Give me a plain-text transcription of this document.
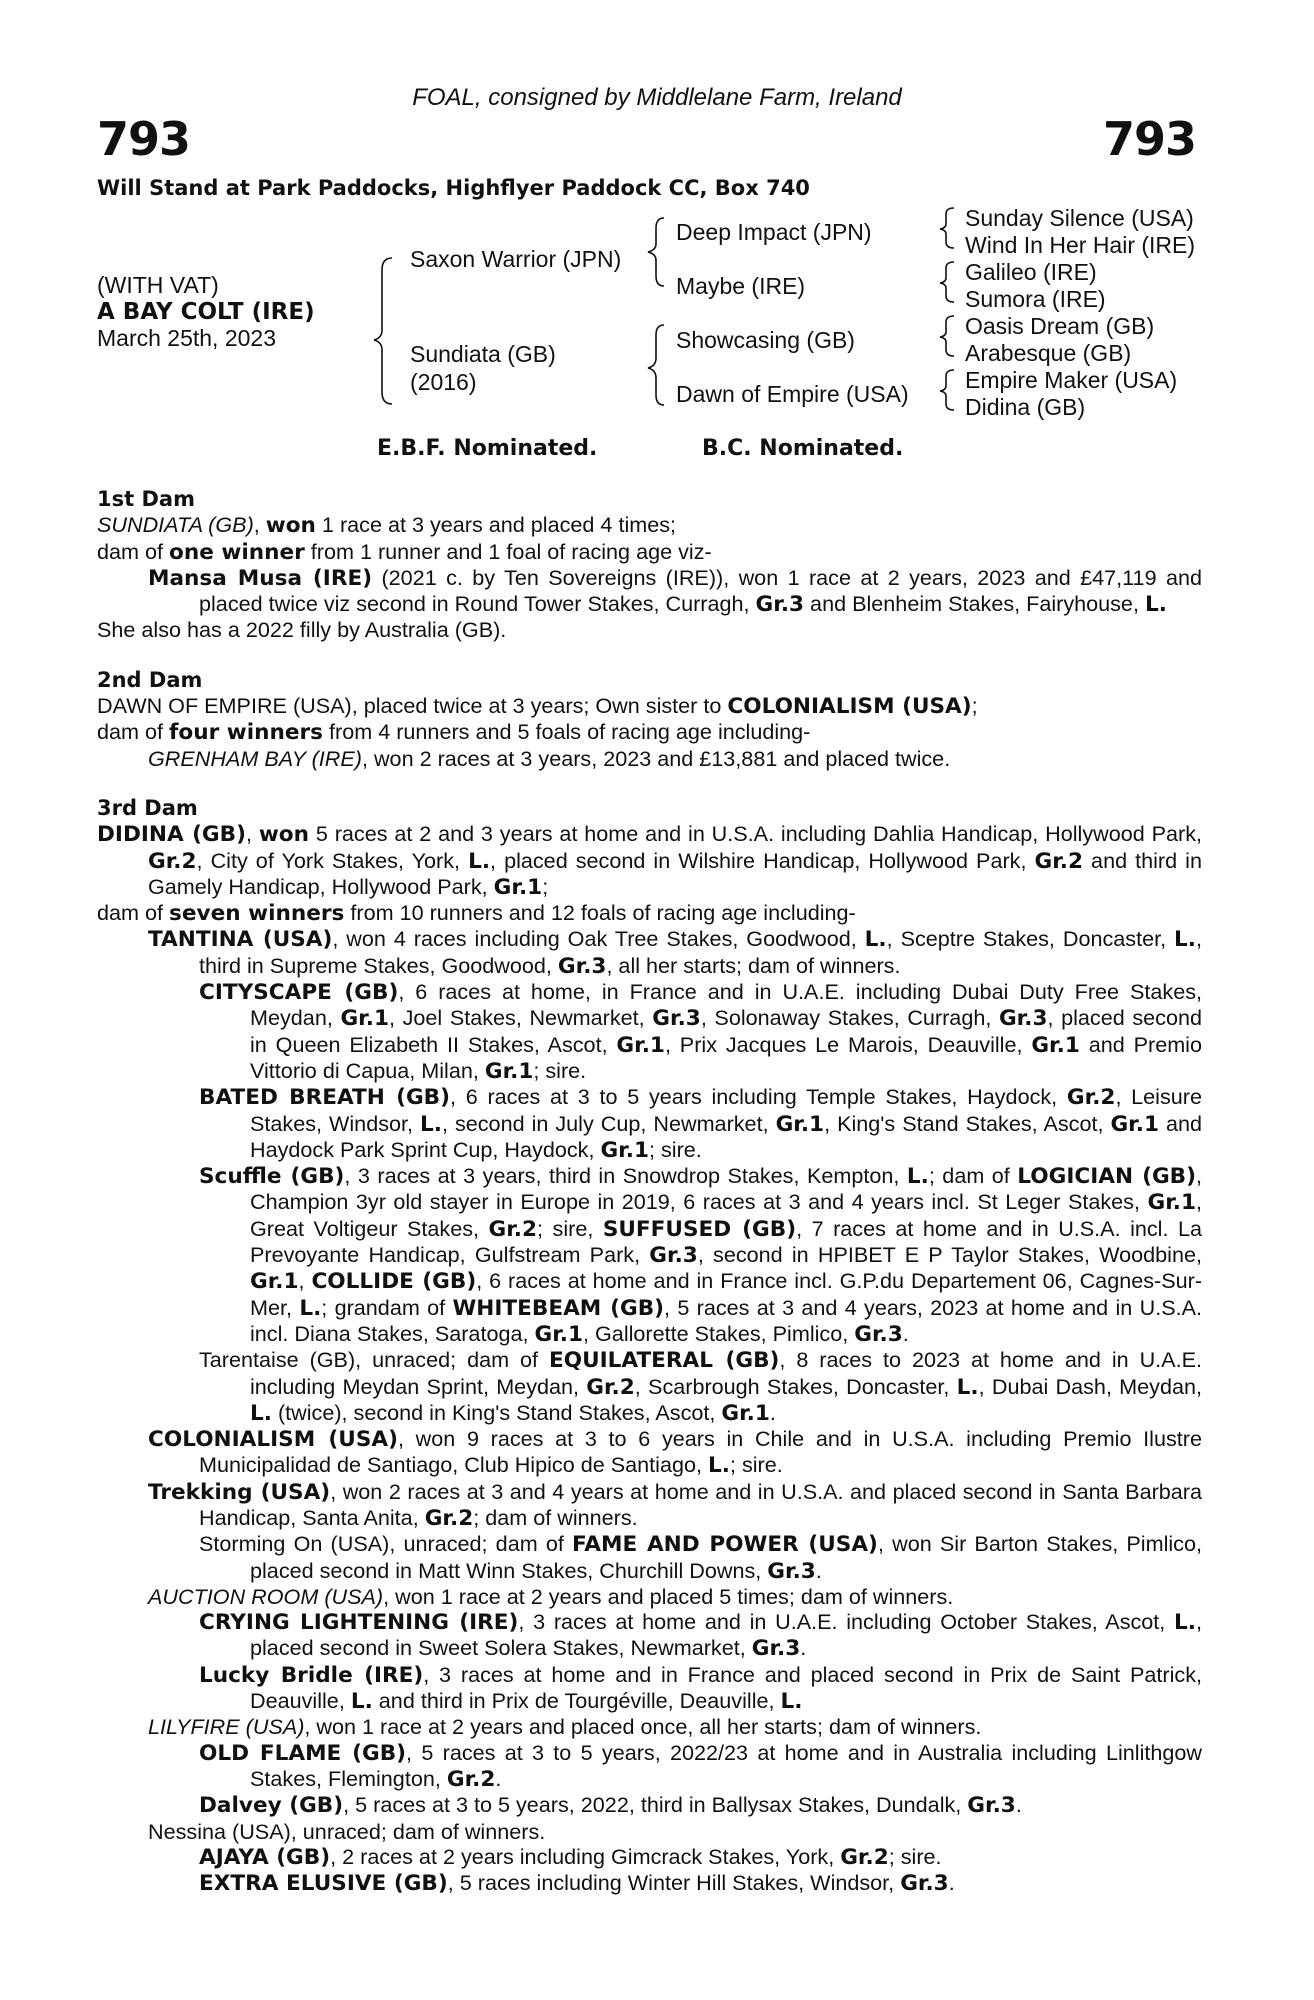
FOAL, consigned by Middlelane Farm, Ireland
793	793
Will Stand at Park Paddocks, Highflyer Paddock CC, Box 740
(WITH VAT)
A BAY COLT (IRE)
March 25th, 2023
Saxon Warrior (JPN)
Sundiata (GB)
(2016)
Deep Impact (JPN)
Maybe (IRE)
Showcasing (GB)
Dawn of Empire (USA)
Sunday Silence (USA)
Wind In Her Hair (IRE)
Galileo (IRE)
Sumora (IRE)
Oasis Dream (GB)
Arabesque (GB)
Empire Maker (USA)
Didina (GB)
E.B.F. Nominated.	B.C. Nominated.

1st Dam

SUNDIATA (GB), won 1 race at 3 years and placed 4 times;

dam of one winner from 1 runner and 1 foal of racing age viz-

Mansa Musa (IRE) (2021 c. by Ten Sovereigns (IRE)), won 1 race at 2 years, 2023 and £47,119 and placed twice viz second in Round Tower Stakes, Curragh, Gr.3 and Blenheim Stakes, Fairyhouse, L.

She also has a 2022 filly by Australia (GB).

2nd Dam

DAWN OF EMPIRE (USA), placed twice at 3 years; Own sister to COLONIALISM (USA);

dam of four winners from 4 runners and 5 foals of racing age including-

GRENHAM BAY (IRE), won 2 races at 3 years, 2023 and £13,881 and placed twice.

3rd Dam

DIDINA (GB), won 5 races at 2 and 3 years at home and in U.S.A. including Dahlia Handicap, Hollywood Park, Gr.2, City of York Stakes, York, L., placed second in Wilshire Handicap, Hollywood Park, Gr.2 and third in Gamely Handicap, Hollywood Park, Gr.1;

dam of seven winners from 10 runners and 12 foals of racing age including-

TANTINA (USA), won 4 races including Oak Tree Stakes, Goodwood, L., Sceptre Stakes, Doncaster, L., third in Supreme Stakes, Goodwood, Gr.3, all her starts; dam of winners.

CITYSCAPE (GB), 6 races at home, in France and in U.A.E. including Dubai Duty Free Stakes, Meydan, Gr.1, Joel Stakes, Newmarket, Gr.3, Solonaway Stakes, Curragh, Gr.3, placed second in Queen Elizabeth II Stakes, Ascot, Gr.1, Prix Jacques Le Marois, Deauville, Gr.1 and Premio Vittorio di Capua, Milan, Gr.1; sire.

BATED BREATH (GB), 6 races at 3 to 5 years including Temple Stakes, Haydock, Gr.2, Leisure Stakes, Windsor, L., second in July Cup, Newmarket, Gr.1, King's Stand Stakes, Ascot, Gr.1 and Haydock Park Sprint Cup, Haydock, Gr.1; sire.

Scuffle (GB), 3 races at 3 years, third in Snowdrop Stakes, Kempton, L.; dam of LOGICIAN (GB), Champion 3yr old stayer in Europe in 2019, 6 races at 3 and 4 years incl. St Leger Stakes, Gr.1, Great Voltigeur Stakes, Gr.2; sire, SUFFUSED (GB), 7 races at home and in U.S.A. incl. La Prevoyante Handicap, Gulfstream Park, Gr.3, second in HPIBET E P Taylor Stakes, Woodbine, Gr.1, COLLIDE (GB), 6 races at home and in France incl. G.P.du Departement 06, Cagnes-Sur-Mer, L.; grandam of WHITEBEAM (GB), 5 races at 3 and 4 years, 2023 at home and in U.S.A. incl. Diana Stakes, Saratoga, Gr.1, Gallorette Stakes, Pimlico, Gr.3.

Tarentaise (GB), unraced; dam of EQUILATERAL (GB), 8 races to 2023 at home and in U.A.E. including Meydan Sprint, Meydan, Gr.2, Scarbrough Stakes, Doncaster, L., Dubai Dash, Meydan, L. (twice), second in King's Stand Stakes, Ascot, Gr.1.

COLONIALISM (USA), won 9 races at 3 to 6 years in Chile and in U.S.A. including Premio Ilustre Municipalidad de Santiago, Club Hipico de Santiago, L.; sire.

Trekking (USA), won 2 races at 3 and 4 years at home and in U.S.A. and placed second in Santa Barbara Handicap, Santa Anita, Gr.2; dam of winners.

Storming On (USA), unraced; dam of FAME AND POWER (USA), won Sir Barton Stakes, Pimlico, placed second in Matt Winn Stakes, Churchill Downs, Gr.3.

AUCTION ROOM (USA), won 1 race at 2 years and placed 5 times; dam of winners.

CRYING LIGHTENING (IRE), 3 races at home and in U.A.E. including October Stakes, Ascot, L., placed second in Sweet Solera Stakes, Newmarket, Gr.3.

Lucky Bridle (IRE), 3 races at home and in France and placed second in Prix de Saint Patrick, Deauville, L. and third in Prix de Tourgéville, Deauville, L.

LILYFIRE (USA), won 1 race at 2 years and placed once, all her starts; dam of winners.

OLD FLAME (GB), 5 races at 3 to 5 years, 2022/23 at home and in Australia including Linlithgow Stakes, Flemington, Gr.2.

Dalvey (GB), 5 races at 3 to 5 years, 2022, third in Ballysax Stakes, Dundalk, Gr.3.

Nessina (USA), unraced; dam of winners.

AJAYA (GB), 2 races at 2 years including Gimcrack Stakes, York, Gr.2; sire.

EXTRA ELUSIVE (GB), 5 races including Winter Hill Stakes, Windsor, Gr.3.
